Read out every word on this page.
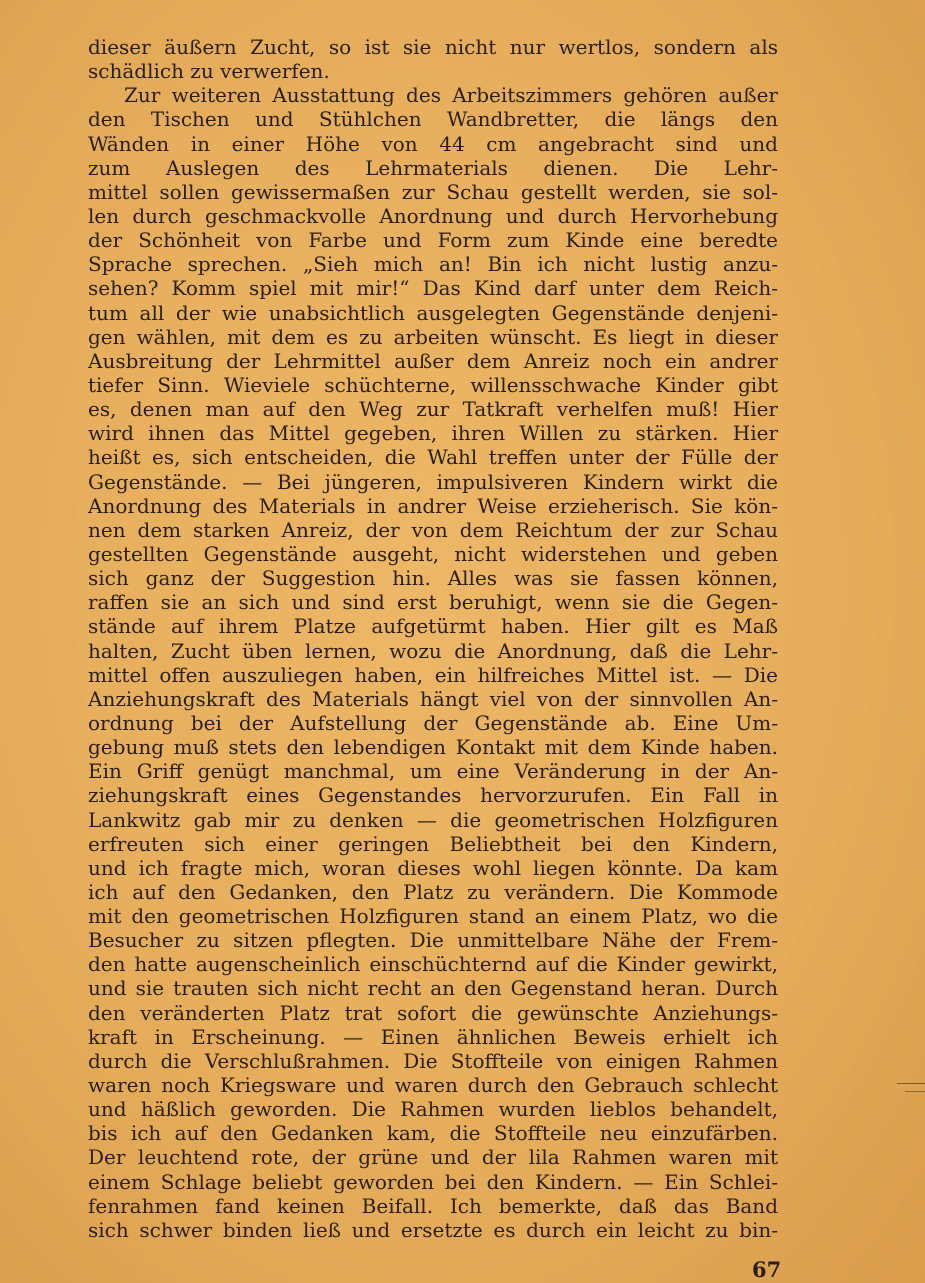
dieser äußern Zucht, so ist sie nicht nur wertlos, sondern als
schädlich zu verwerfen.
Zur weiteren Ausstattung des Arbeitszimmers gehören außer
den Tischen und Stühlchen Wandbretter, die längs den
Wänden in einer Höhe von 44 cm angebracht sind und
zum Auslegen des Lehrmaterials dienen. Die Lehr-
mittel sollen gewissermaßen zur Schau gestellt werden, sie sol-
len durch geschmackvolle Anordnung und durch Hervorhebung
der Schönheit von Farbe und Form zum Kinde eine beredte
Sprache sprechen. „Sieh mich an! Bin ich nicht lustig anzu-
sehen? Komm spiel mit mir!“ Das Kind darf unter dem Reich-
tum all der wie unabsichtlich ausgelegten Gegenstände denjeni-
gen wählen, mit dem es zu arbeiten wünscht. Es liegt in dieser
Ausbreitung der Lehrmittel außer dem Anreiz noch ein andrer
tiefer Sinn. Wieviele schüchterne, willensschwache Kinder gibt
es, denen man auf den Weg zur Tatkraft verhelfen muß! Hier
wird ihnen das Mittel gegeben, ihren Willen zu stärken. Hier
heißt es, sich entscheiden, die Wahl treffen unter der Fülle der
Gegenstände. — Bei jüngeren, impulsiveren Kindern wirkt die
Anordnung des Materials in andrer Weise erzieherisch. Sie kön-
nen dem starken Anreiz, der von dem Reichtum der zur Schau
gestellten Gegenstände ausgeht, nicht widerstehen und geben
sich ganz der Suggestion hin. Alles was sie fassen können,
raffen sie an sich und sind erst beruhigt, wenn sie die Gegen-
stände auf ihrem Platze aufgetürmt haben. Hier gilt es Maß
halten, Zucht üben lernen, wozu die Anordnung, daß die Lehr-
mittel offen auszuliegen haben, ein hilfreiches Mittel ist. — Die
Anziehungskraft des Materials hängt viel von der sinnvollen An-
ordnung bei der Aufstellung der Gegenstände ab. Eine Um-
gebung muß stets den lebendigen Kontakt mit dem Kinde haben.
Ein Griff genügt manchmal, um eine Veränderung in der An-
ziehungskraft eines Gegenstandes hervorzurufen. Ein Fall in
Lankwitz gab mir zu denken — die geometrischen Holzfiguren
erfreuten sich einer geringen Beliebtheit bei den Kindern,
und ich fragte mich, woran dieses wohl liegen könnte. Da kam
ich auf den Gedanken, den Platz zu verändern. Die Kommode
mit den geometrischen Holzfiguren stand an einem Platz, wo die
Besucher zu sitzen pflegten. Die unmittelbare Nähe der Frem-
den hatte augenscheinlich einschüchternd auf die Kinder gewirkt,
und sie trauten sich nicht recht an den Gegenstand heran. Durch
den veränderten Platz trat sofort die gewünschte Anziehungs-
kraft in Erscheinung. — Einen ähnlichen Beweis erhielt ich
durch die Verschlußrahmen. Die Stoffteile von einigen Rahmen
waren noch Kriegsware und waren durch den Gebrauch schlecht
und häßlich geworden. Die Rahmen wurden lieblos behandelt,
bis ich auf den Gedanken kam, die Stoffteile neu einzufärben.
Der leuchtend rote, der grüne und der lila Rahmen waren mit
einem Schlage beliebt geworden bei den Kindern. — Ein Schlei-
fenrahmen fand keinen Beifall. Ich bemerkte, daß das Band
sich schwer binden ließ und ersetzte es durch ein leicht zu bin-
67
